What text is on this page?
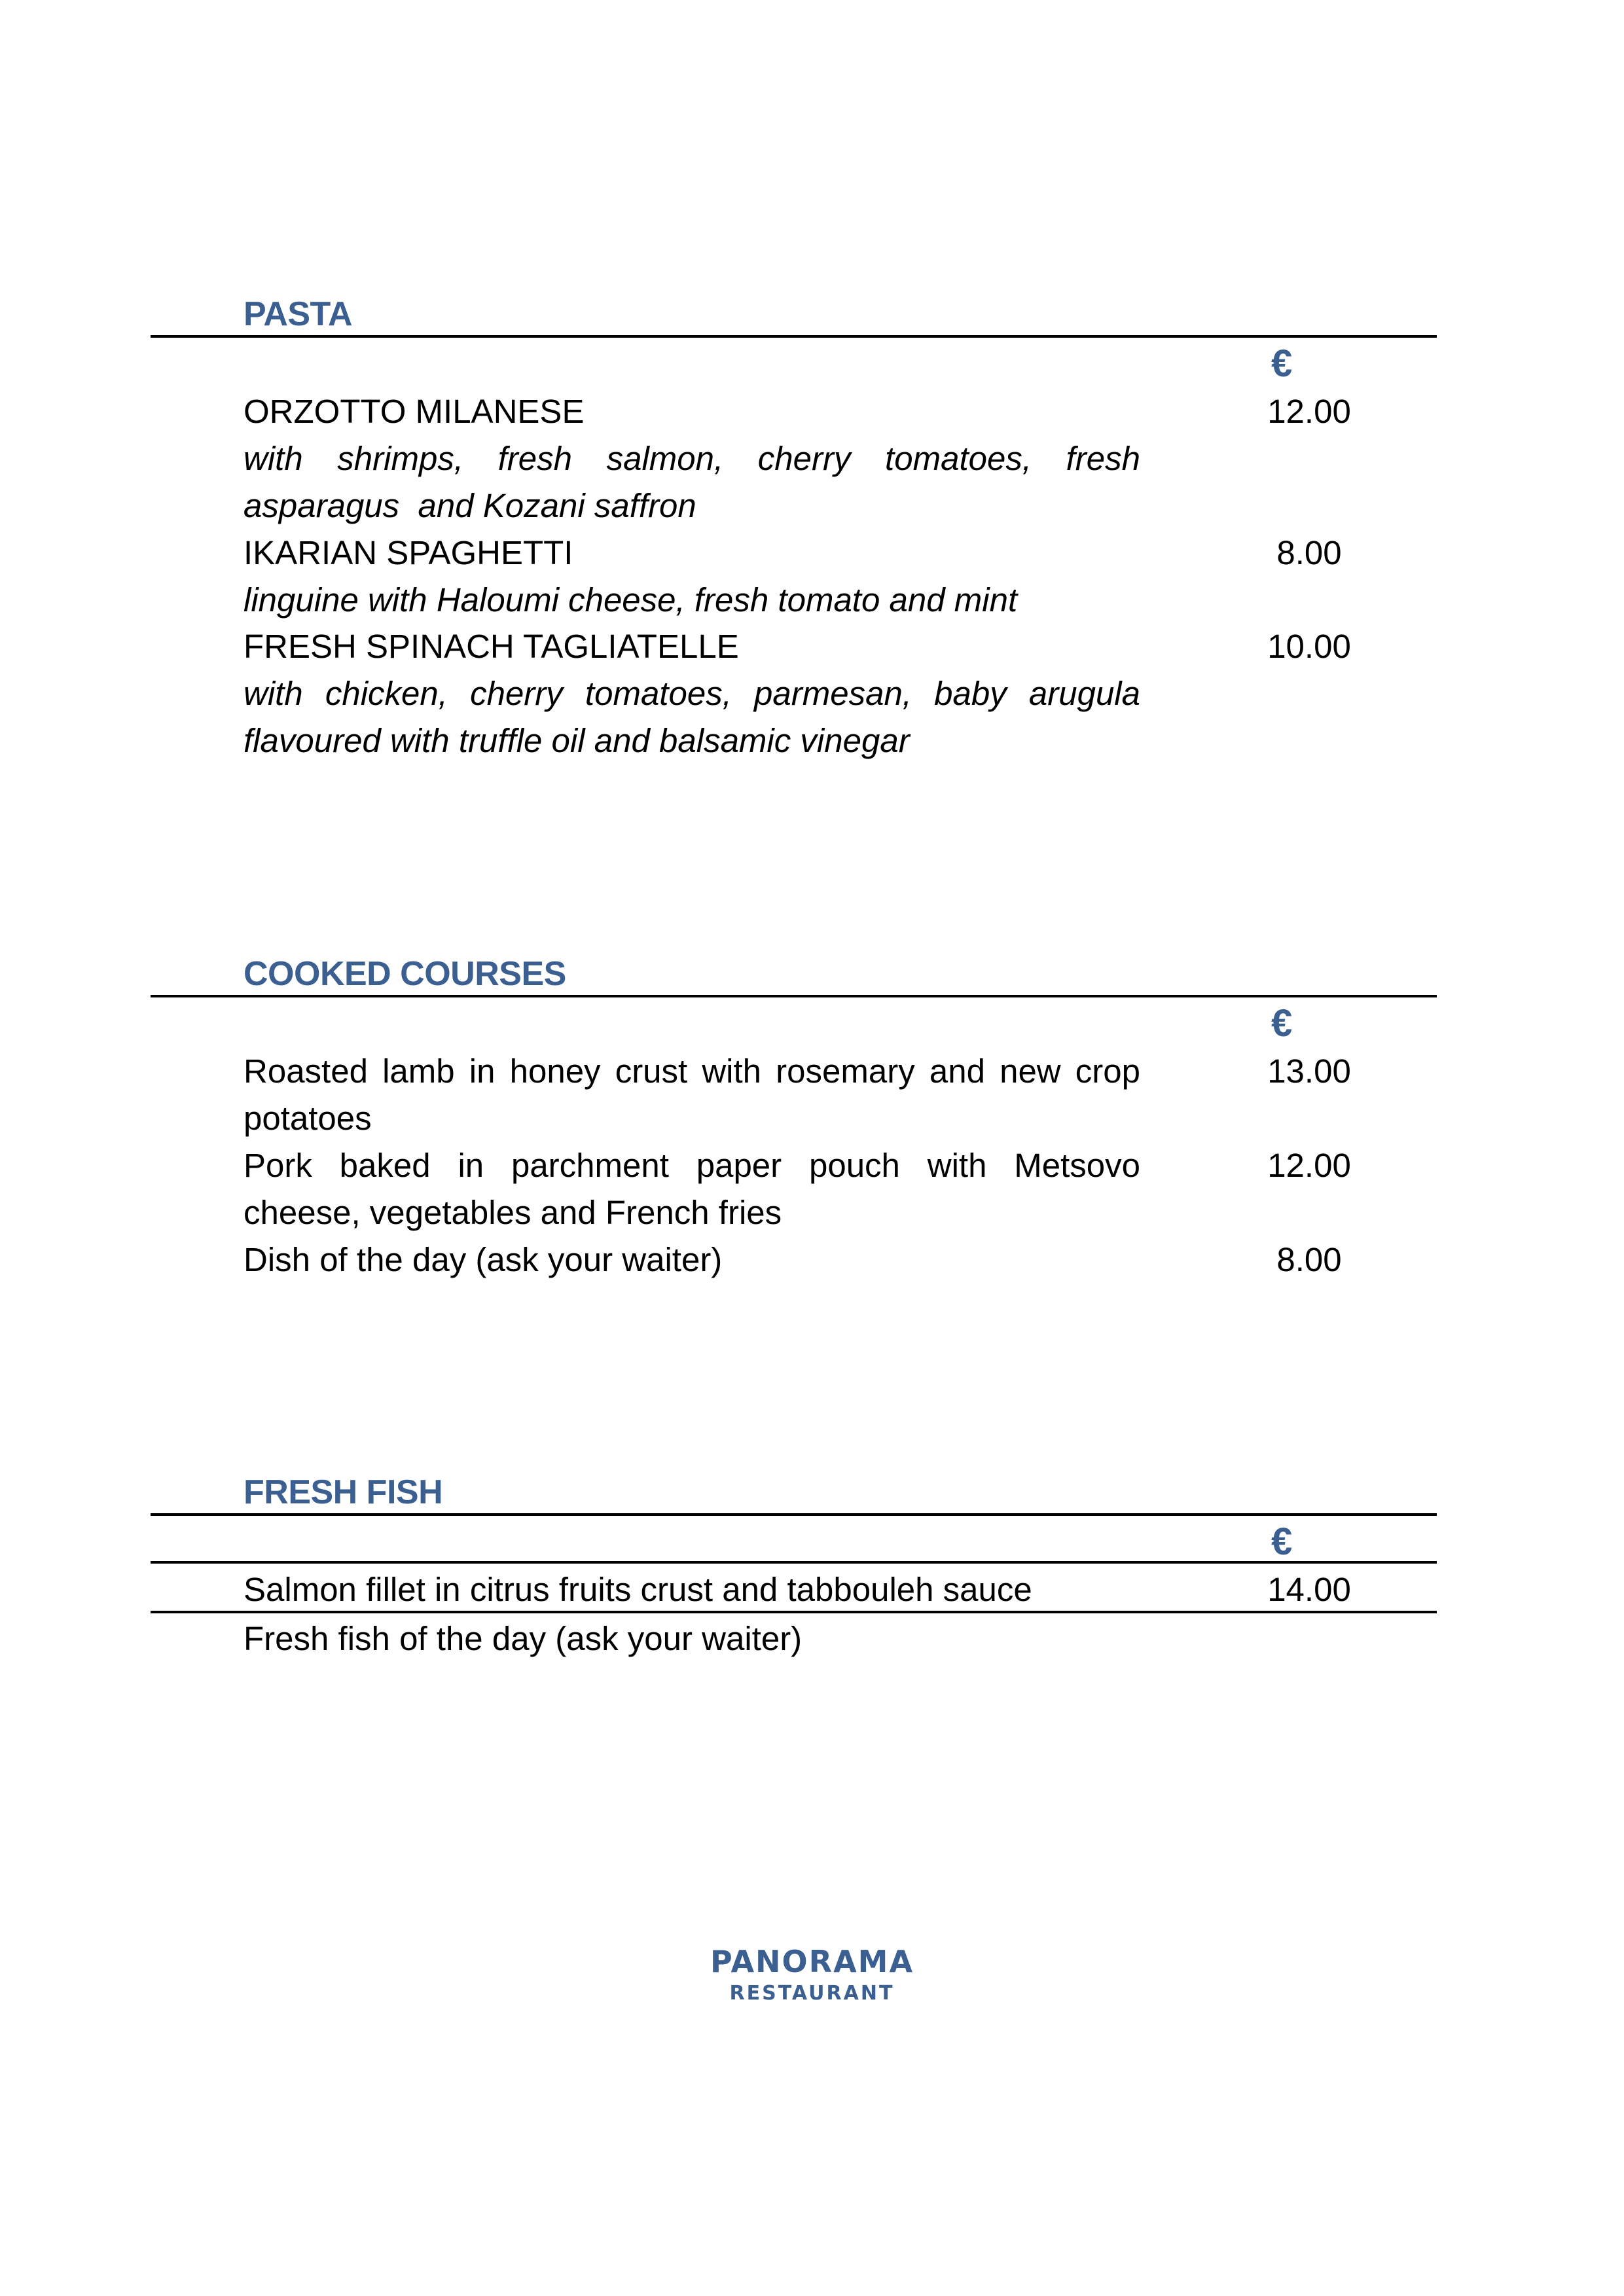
PASTA
€
ORZOTTO MILANESE	12.00
with shrimps, fresh salmon, cherry tomatoes, fresh
asparagus  and Kozani saffron
IKARIAN SPAGHETTI	8.00
linguine with Haloumi cheese, fresh tomato and mint
FRESH SPINACH TAGLIATELLE	10.00
with chicken, cherry tomatoes, parmesan, baby arugula
flavoured with truffle oil and balsamic vinegar
COOKED COURSES
€
Roasted lamb in honey crust with rosemary and new crop	13.00
potatoes
Pork baked in parchment paper pouch with Metsovo	12.00
cheese, vegetables and French fries
Dish of the day (ask your waiter)	8.00
FRESH FISH
€
Salmon fillet in citrus fruits crust and tabbouleh sauce	14.00
Fresh fish of the day (ask your waiter)
PANORAMA
RESTAURANT
